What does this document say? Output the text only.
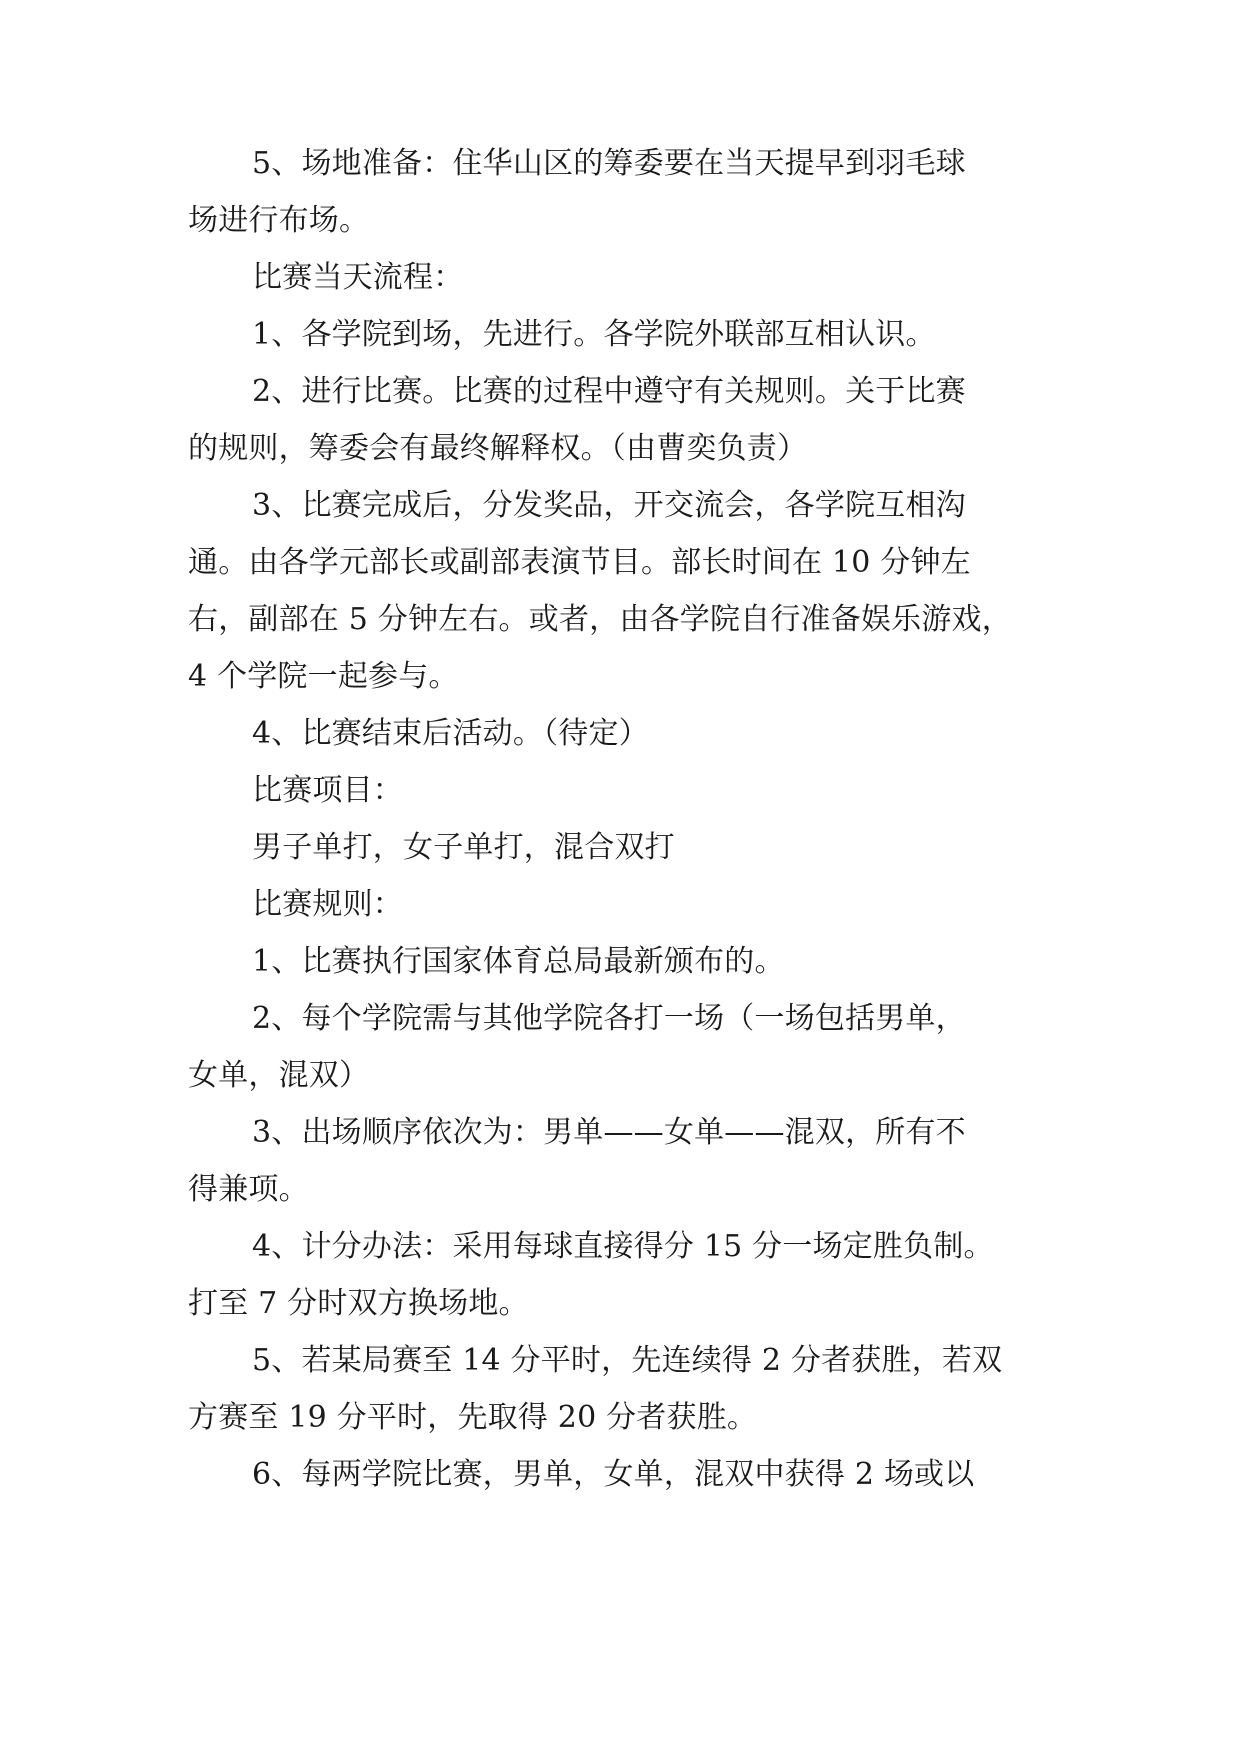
5、场地准备：住华山区的筹委要在当天提早到羽毛球
场进行布场。
比赛当天流程：
1、各学院到场，先进行。各学院外联部互相认识。
2、进行比赛。比赛的过程中遵守有关规则。关于比赛
的规则，筹委会有最终解释权。（由曹奕负责）
3、比赛完成后，分发奖品，开交流会，各学院互相沟
通。由各学元部长或副部表演节目。部长时间在 10 分钟左
右，副部在 5 分钟左右。或者，由各学院自行准备娱乐游戏，
4 个学院一起参与。
4、比赛结束后活动。（待定）
比赛项目：
男子单打，女子单打，混合双打
比赛规则：
1、比赛执行国家体育总局最新颁布的。
2、每个学院需与其他学院各打一场（一场包括男单，
女单，混双）
3、出场顺序依次为：男单——女单——混双，所有不
得兼项。
4、计分办法：采用每球直接得分 15 分一场定胜负制。
打至 7 分时双方换场地。
5、若某局赛至 14 分平时，先连续得 2 分者获胜，若双
方赛至 19 分平时，先取得 20 分者获胜。
6、每两学院比赛，男单，女单，混双中获得 2 场或以
